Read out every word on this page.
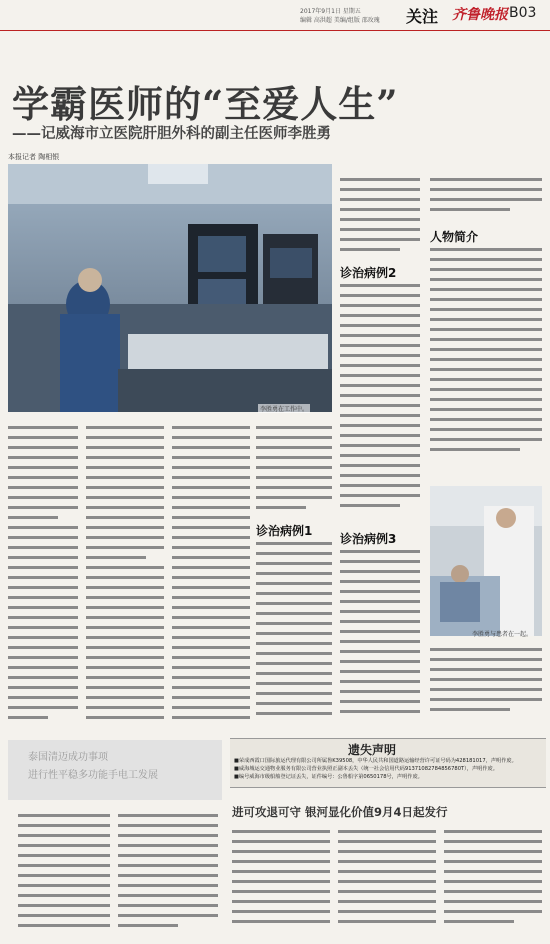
2017年9月1日 星期五
编辑 高洪超 美编/组版 邵玫瑰 关注 齐鲁晚报 B03
学霸医师的“至爱人生”
——记威海市立医院肝胆外科的副主任医师李胜勇
本报记者 陶相银
李胜勇在工作中。
诊治病例1
诊治病例2
诊治病例3
人物简介
李胜勇与患者在一起。
遗失声明
■荣成西霞口国际旅运代理有限公司所属鲁K39508，中华人民共和国道路运输经营许可证号码为428181017，声明作废。
■威海城运交通物业服务有限公司营业执照正副本丢失（统一社会信用代码91371082784856780T），声明作废。
■编号威海市级船舶登记证丢失，证件编号：公鲁船字第0650178号，声明作废。
泰国清迈成功事项
进行性平稳多功能手电工发展
进可攻退可守 银河显化价值9月4日起发行
